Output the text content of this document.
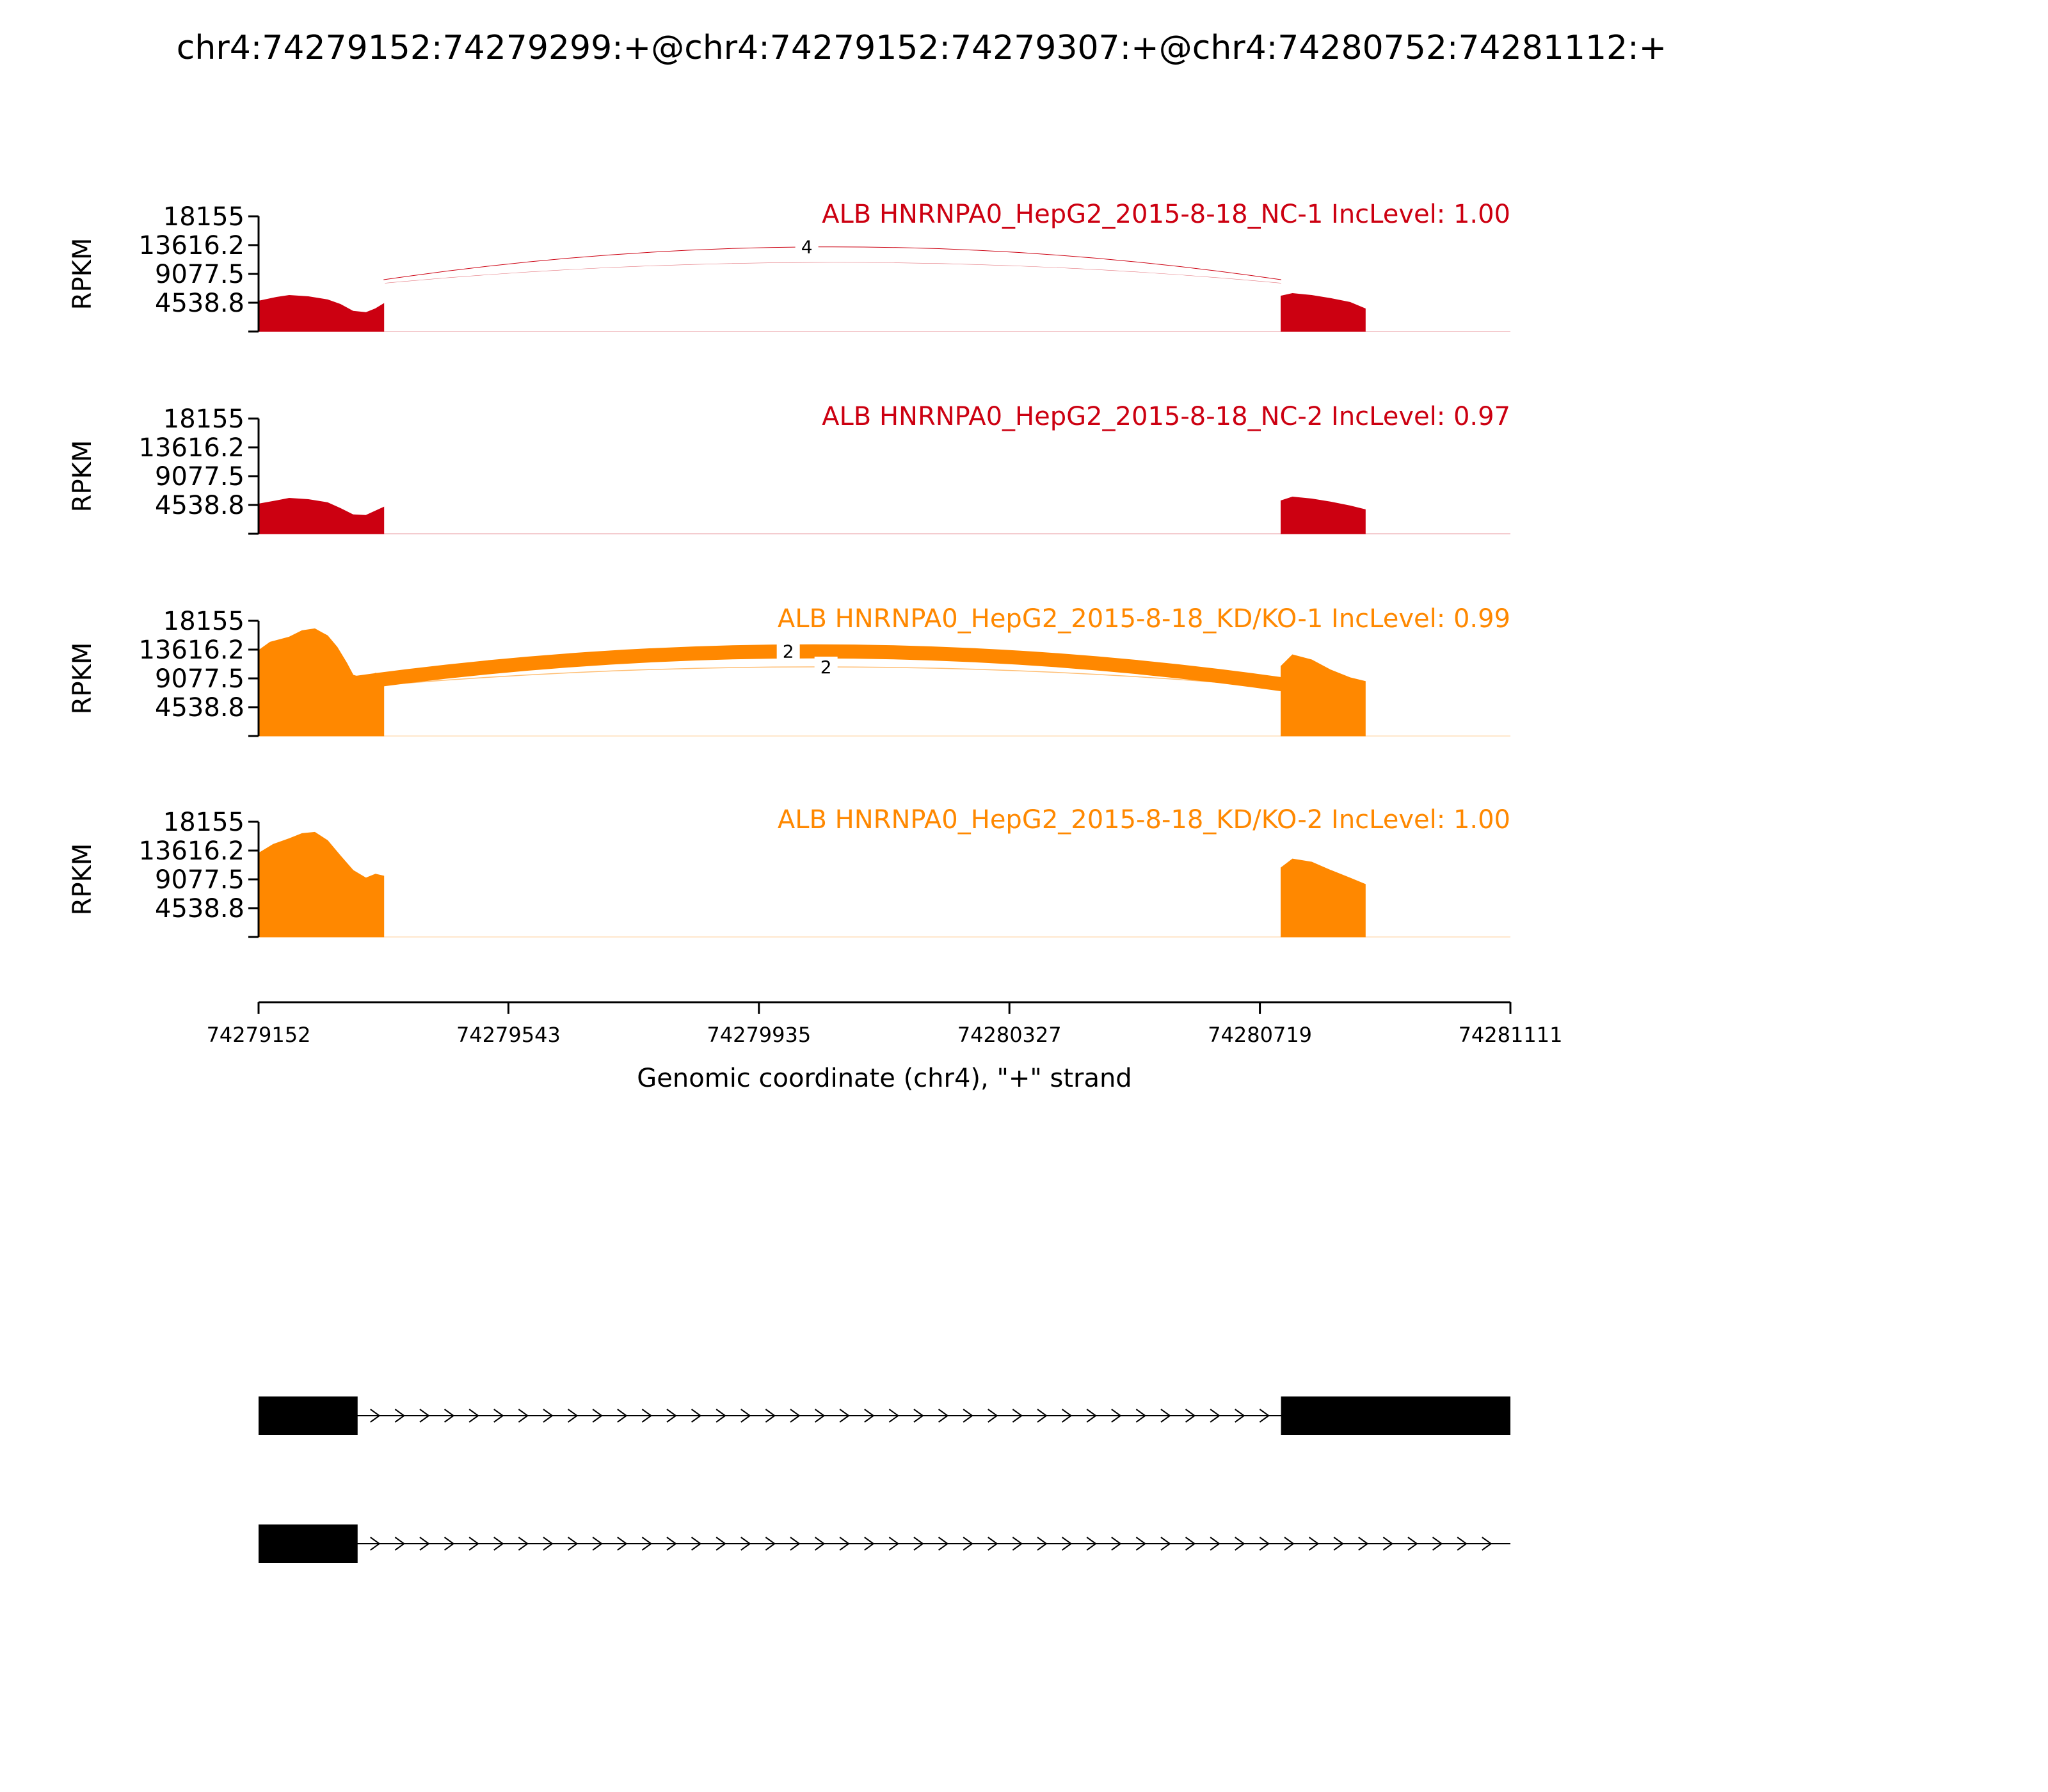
chr4:74279152:74279299:+@chr4:74279152:74279307:+@chr4:74280752:74281112:+
4
18155
13616.2
9077.5
4538.8
RPKM
ALB HNRNPA0_HepG2_2015-8-18_NC-1 IncLevel: 1.00
18155
13616.2
9077.5
4538.8
RPKM
ALB HNRNPA0_HepG2_2015-8-18_NC-2 IncLevel: 0.97
2
2
18155
13616.2
9077.5
4538.8
RPKM
ALB HNRNPA0_HepG2_2015-8-18_KD/KO-1 IncLevel: 0.99
18155
13616.2
9077.5
4538.8
RPKM
ALB HNRNPA0_HepG2_2015-8-18_KD/KO-2 IncLevel: 1.00
74279152	74279543	74279935	74280327	74280719	74281111
Genomic coordinate (chr4), "+" strand
